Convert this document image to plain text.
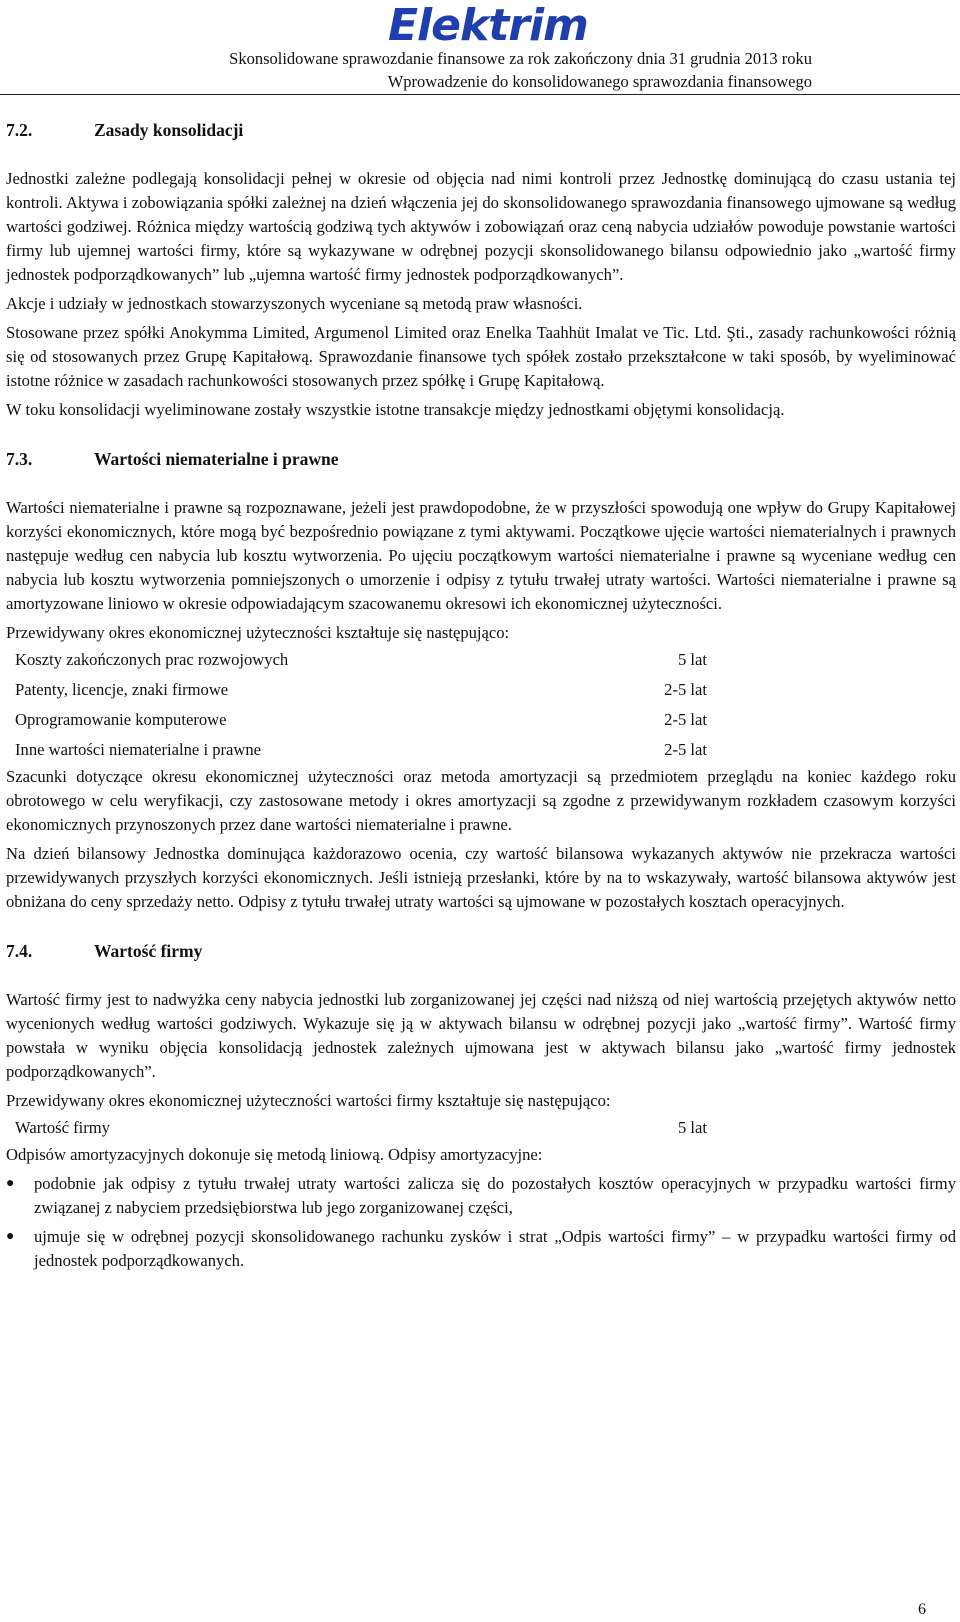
Elektrim
Skonsolidowane sprawozdanie finansowe za rok zakończony dnia 31 grudnia 2013 roku
Wprowadzenie do konsolidowanego sprawozdania finansowego
7.2.	Zasady konsolidacji

Jednostki zależne podlegają konsolidacji pełnej w okresie od objęcia nad nimi kontroli przez Jednostkę dominującą do czasu ustania tej kontroli. Aktywa i zobowiązania spółki zależnej na dzień włączenia jej do skonsolidowanego sprawozdania finansowego ujmowane są według wartości godziwej. Różnica między wartością godziwą tych aktywów i zobowiązań oraz ceną nabycia udziałów powoduje powstanie wartości firmy lub ujemnej wartości firmy, które są wykazywane w odrębnej pozycji skonsolidowanego bilansu odpowiednio jako „wartość firmy jednostek podporządkowanych” lub „ujemna wartość firmy jednostek podporządkowanych”.

Akcje i udziały w jednostkach stowarzyszonych wyceniane są metodą praw własności.

Stosowane przez spółki Anokymma Limited, Argumenol Limited oraz Enelka Taahhüt Imalat ve Tic. Ltd. Şti., zasady rachunkowości różnią się od stosowanych przez Grupę Kapitałową. Sprawozdanie finansowe tych spółek zostało przekształcone w taki sposób, by wyeliminować istotne różnice w zasadach rachunkowości stosowanych przez spółkę i Grupę Kapitałową.

W toku konsolidacji wyeliminowane zostały wszystkie istotne transakcje między jednostkami objętymi konsolidacją.

7.3.	Wartości niematerialne i prawne

Wartości niematerialne i prawne są rozpoznawane, jeżeli jest prawdopodobne, że w przyszłości spowodują one wpływ do Grupy Kapitałowej korzyści ekonomicznych, które mogą być bezpośrednio powiązane z tymi aktywami. Początkowe ujęcie wartości niematerialnych i prawnych następuje według cen nabycia lub kosztu wytworzenia. Po ujęciu początkowym wartości niematerialne i prawne są wyceniane według cen nabycia lub kosztu wytworzenia pomniejszonych o umorzenie i odpisy z tytułu trwałej utraty wartości. Wartości niematerialne i prawne są amortyzowane liniowo w okresie odpowiadającym szacowanemu okresowi ich ekonomicznej użyteczności.

Przewidywany okres ekonomicznej użyteczności kształtuje się następująco:

Koszty zakończonych prac rozwojowych	5 lat
Patenty, licencje, znaki firmowe	2-5 lat
Oprogramowanie komputerowe	2-5 lat
Inne wartości niematerialne i prawne	2-5 lat

Szacunki dotyczące okresu ekonomicznej użyteczności oraz metoda amortyzacji są przedmiotem przeglądu na koniec każdego roku obrotowego w celu weryfikacji, czy zastosowane metody i okres amortyzacji są zgodne z przewidywanym rozkładem czasowym korzyści ekonomicznych przynoszonych przez dane wartości niematerialne i prawne.

Na dzień bilansowy Jednostka dominująca każdorazowo ocenia, czy wartość bilansowa wykazanych aktywów nie przekracza wartości przewidywanych przyszłych korzyści ekonomicznych. Jeśli istnieją przesłanki, które by na to wskazywały, wartość bilansowa aktywów jest obniżana do ceny sprzedaży netto. Odpisy z tytułu trwałej utraty wartości są ujmowane w pozostałych kosztach operacyjnych.

7.4.	Wartość firmy

Wartość firmy jest to nadwyżka ceny nabycia jednostki lub zorganizowanej jej części nad niższą od niej wartością przejętych aktywów netto wycenionych według wartości godziwych. Wykazuje się ją w aktywach bilansu w odrębnej pozycji jako „wartość firmy”. Wartość firmy powstała w wyniku objęcia konsolidacją jednostek zależnych ujmowana jest w aktywach bilansu jako „wartość firmy jednostek podporządkowanych”.

Przewidywany okres ekonomicznej użyteczności wartości firmy kształtuje się następująco:

Wartość firmy	5 lat

Odpisów amortyzacyjnych dokonuje się metodą liniową. Odpisy amortyzacyjne:

●	podobnie jak odpisy z tytułu trwałej utraty wartości zalicza się do pozostałych kosztów operacyjnych w przypadku wartości firmy związanej z nabyciem przedsiębiorstwa lub jego zorganizowanej części,
●	ujmuje się w odrębnej pozycji skonsolidowanego rachunku zysków i strat „Odpis wartości firmy” – w przypadku wartości firmy od jednostek podporządkowanych.
6
